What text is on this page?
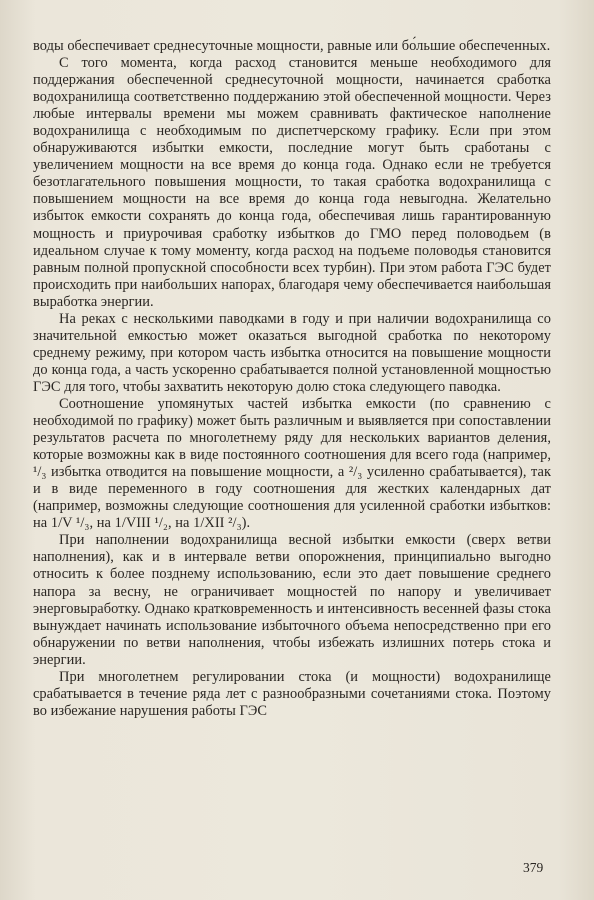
воды обеспечивает среднесуточные мощности, равные или бо́льшие обеспеченных.

С того момента, когда расход становится меньше необходимого для поддержания обеспеченной среднесуточной мощности, начинается сработка водохранилища соответственно поддержанию этой обеспеченной мощности. Через любые интервалы времени мы можем сравнивать фактическое наполнение водохранилища с необходимым по диспетчерскому графику. Если при этом обнаруживаются избытки емкости, последние могут быть сработаны с увеличением мощности на все время до конца года. Однако если не требуется безотлагательного повышения мощности, то такая сработка водохранилища с повышением мощности на все время до конца года невыгодна. Желательно избыток емкости сохранять до конца года, обеспечивая лишь гарантированную мощность и приурочивая сработку избытков до ГМО перед половодьем (в идеальном случае к тому моменту, когда расход на подъеме половодья становится равным полной пропускной способности всех турбин). При этом работа ГЭС будет происходить при наибольших напорах, благодаря чему обеспечивается наибольшая выработка энергии.

На реках с несколькими паводками в году и при наличии водохранилища со значительной емкостью может оказаться выгодной сработка по некоторому среднему режиму, при котором часть избытка относится на повышение мощности до конца года, а часть ускоренно срабатывается полной установленной мощностью ГЭС для того, чтобы захватить некоторую долю стока следующего паводка.

Соотношение упомянутых частей избытка емкости (по сравнению с необходимой по графику) может быть различным и выявляется при сопоставлении результатов расчета по многолетнему ряду для нескольких вариантов деления, которые возможны как в виде постоянного соотношения для всего года (например, ¹/₃ избытка отводится на повышение мощности, а ²/₃ усиленно срабатывается), так и в виде переменного в году соотношения для жестких календарных дат (например, возможны следующие соотношения для усиленной сработки избытков: на 1/V ¹/₃, на 1/VIII ¹/₂, на 1/XII ²/₃).

При наполнении водохранилища весной избытки емкости (сверх ветви наполнения), как и в интервале ветви опорожнения, принципиально выгодно относить к более позднему использованию, если это дает повышение среднего напора за весну, не ограничивает мощностей по напору и увеличивает энерговыработку. Однако кратковременность и интенсивность весенней фазы стока вынуждает начинать использование избыточного объема непосредственно при его обнаружении по ветви наполнения, чтобы избежать излишних потерь стока и энергии.

При многолетнем регулировании стока (и мощности) водохранилище срабатывается в течение ряда лет с разнообразными сочетаниями стока. Поэтому во избежание нарушения работы ГЭС

379
